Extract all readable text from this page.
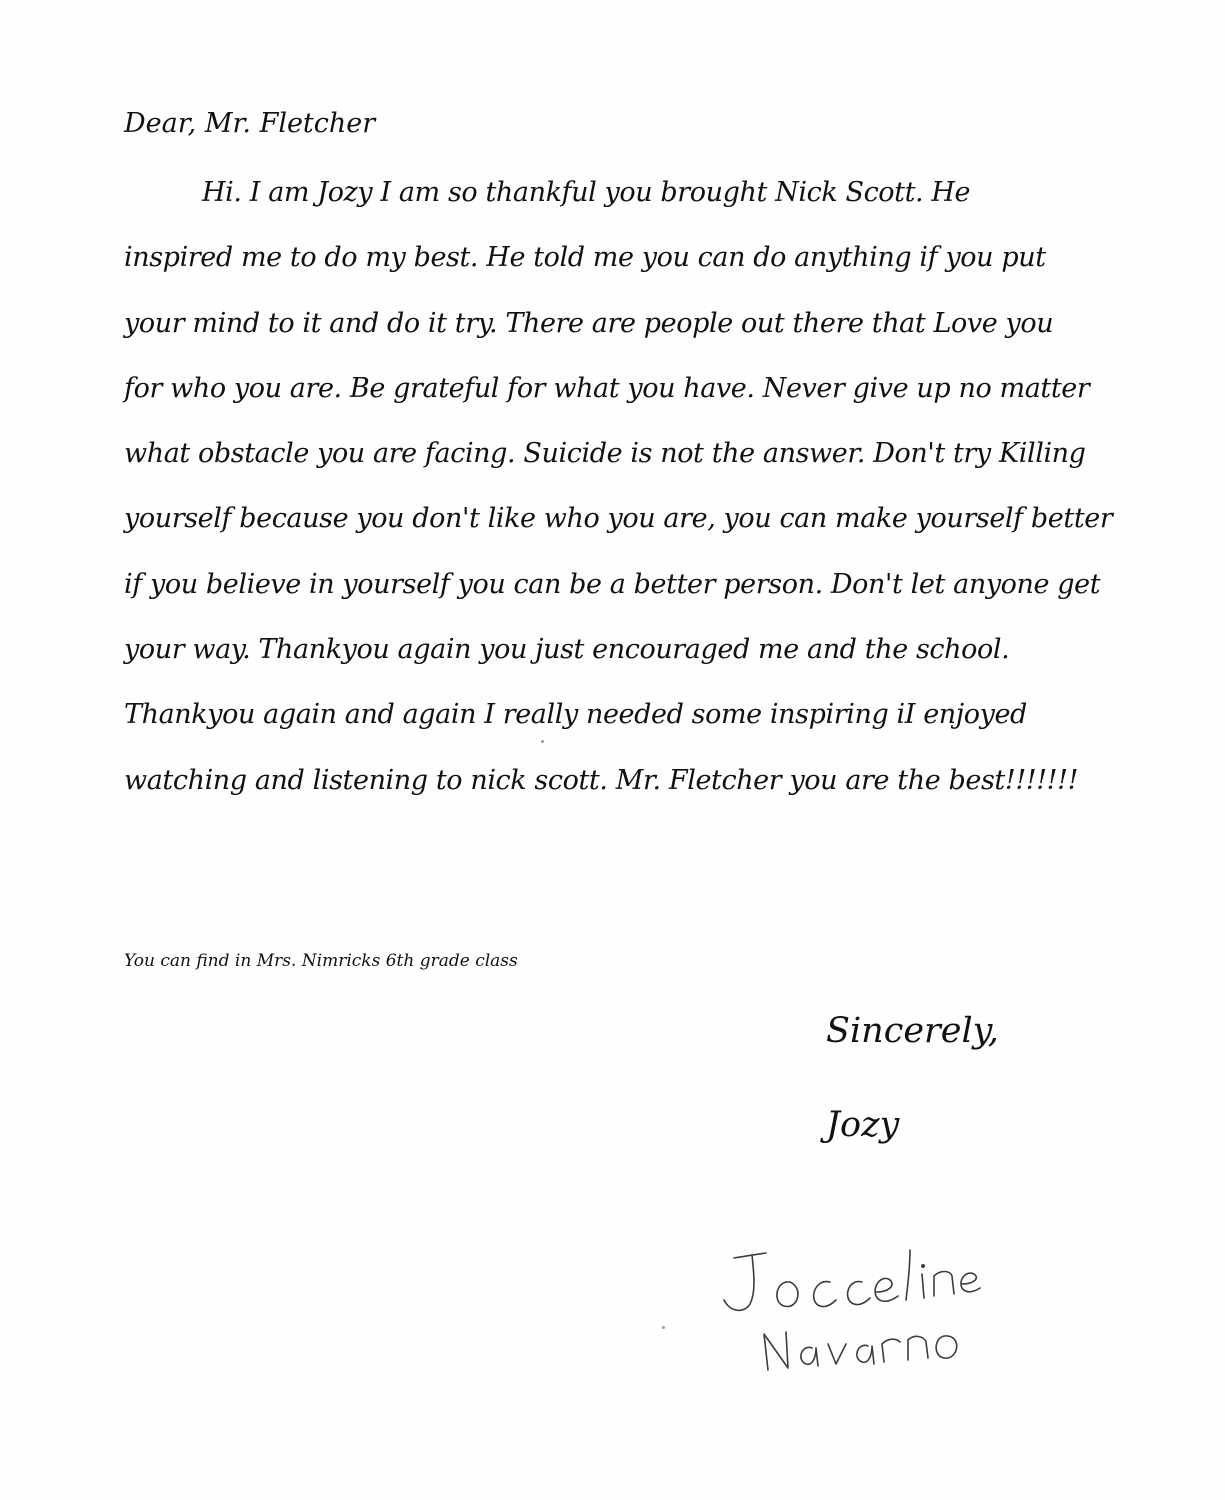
Dear, Mr. Fletcher
Hi. I am Jozy I am so thankful you brought Nick Scott. He
inspired me to do my best. He told me you can do anything if you put
your mind to it and do it try. There are people out there that Love you
for who you are. Be grateful for what you have. Never give up no matter
what obstacle you are facing. Suicide is not the answer. Don't try Killing
yourself because you don't like who you are, you can make yourself better
if you believe in yourself you can be a better person. Don't let anyone get
your way. Thankyou again you just encouraged me and the school.
Thankyou again and again I really needed some inspiring iI enjoyed
watching and listening to nick scott. Mr. Fletcher you are the best!!!!!!!
You can find in Mrs. Nimricks 6th grade class
Sincerely,
Jozy
